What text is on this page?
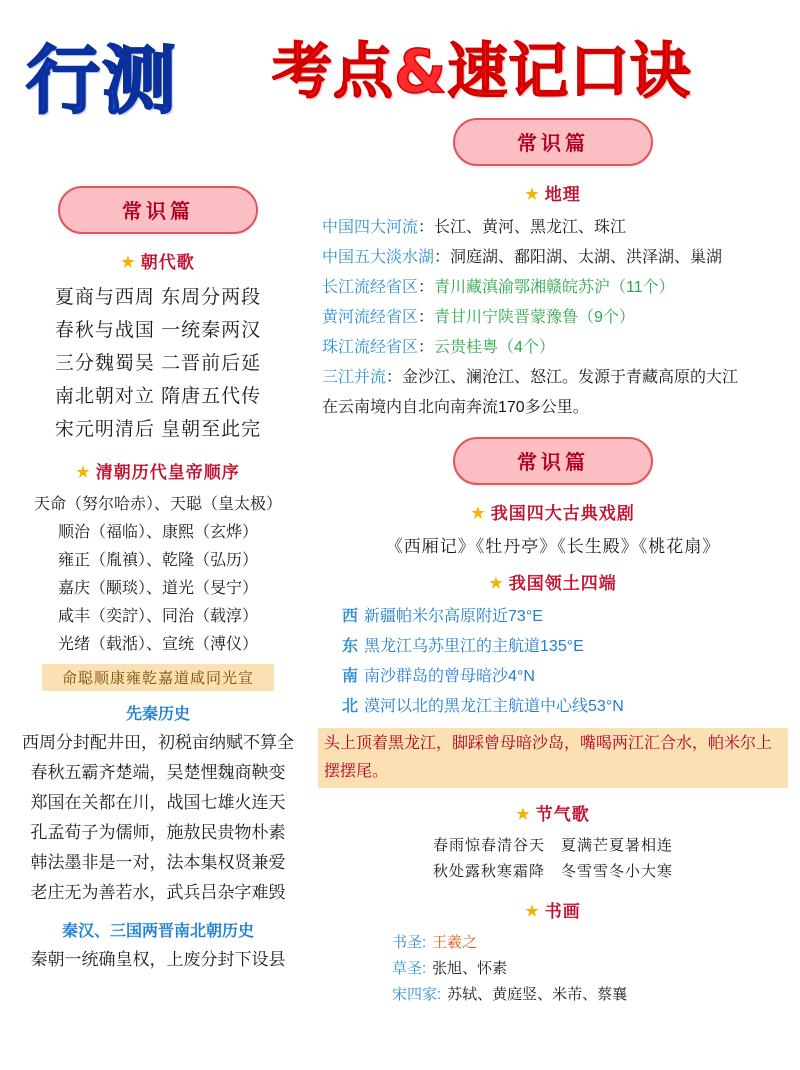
行测 考点&速记口诀
常识篇
★ 朝代歌
夏商与西周 东周分两段
春秋与战国 一统秦两汉
三分魏蜀吴 二晋前后延
南北朝对立 隋唐五代传
宋元明清后 皇朝至此完
★ 清朝历代皇帝顺序
天命（努尔哈赤）、天聪（皇太极）
顺治（福临）、康熙（玄烨）
雍正（胤禛）、乾隆（弘历）
嘉庆（颙琰）、道光（旻宁）
咸丰（奕詝）、同治（载淳）
光绪（载湉）、宣统（溥仪）
命聪顺康雍乾嘉道咸同光宣
先秦历史
西周分封配井田，初税亩纳赋不算全
春秋五霸齐楚端，吴楚悝魏商鞅变
郑国在关都在川，战国七雄火连天
孔孟荀子为儒师，施敖民贵物朴素
韩法墨非是一对，法本集权贤兼爱
老庄无为善若水，武兵吕杂字难毁
秦汉、三国两晋南北朝历史
秦朝一统确皇权，上废分封下设县
常识篇
★ 地理
中国四大河流：长江、黄河、黑龙江、珠江
中国五大淡水湖：洞庭湖、鄱阳湖、太湖、洪泽湖、巢湖
长江流经省区：青川藏滇渝鄂湘赣皖苏沪（11个）
黄河流经省区：青甘川宁陕晋蒙豫鲁（9个）
珠江流经省区：云贵桂粤（4个）
三江并流：金沙江、澜沧江、怒江。发源于青藏高原的大江
在云南境内自北向南奔流170多公里。
常识篇
★ 我国四大古典戏剧
《西厢记》《牡丹亭》《长生殿》《桃花扇》
★ 我国领土四端
西 新疆帕米尔高原附近73°E
东 黑龙江乌苏里江的主航道135°E
南 南沙群岛的曾母暗沙4°N
北 漠河以北的黑龙江主航道中心线53°N
头上顶着黑龙江，脚踩曾母暗沙岛，嘴喝两江汇合水，帕米尔上摆摆尾。
★ 节气歌
春雨惊春清谷天　夏满芒夏暑相连
秋处露秋寒霜降　冬雪雪冬小大寒
★ 书画
书圣: 王羲之
草圣: 张旭、怀素
宋四家: 苏轼、黄庭竖、米芾、蔡襄
